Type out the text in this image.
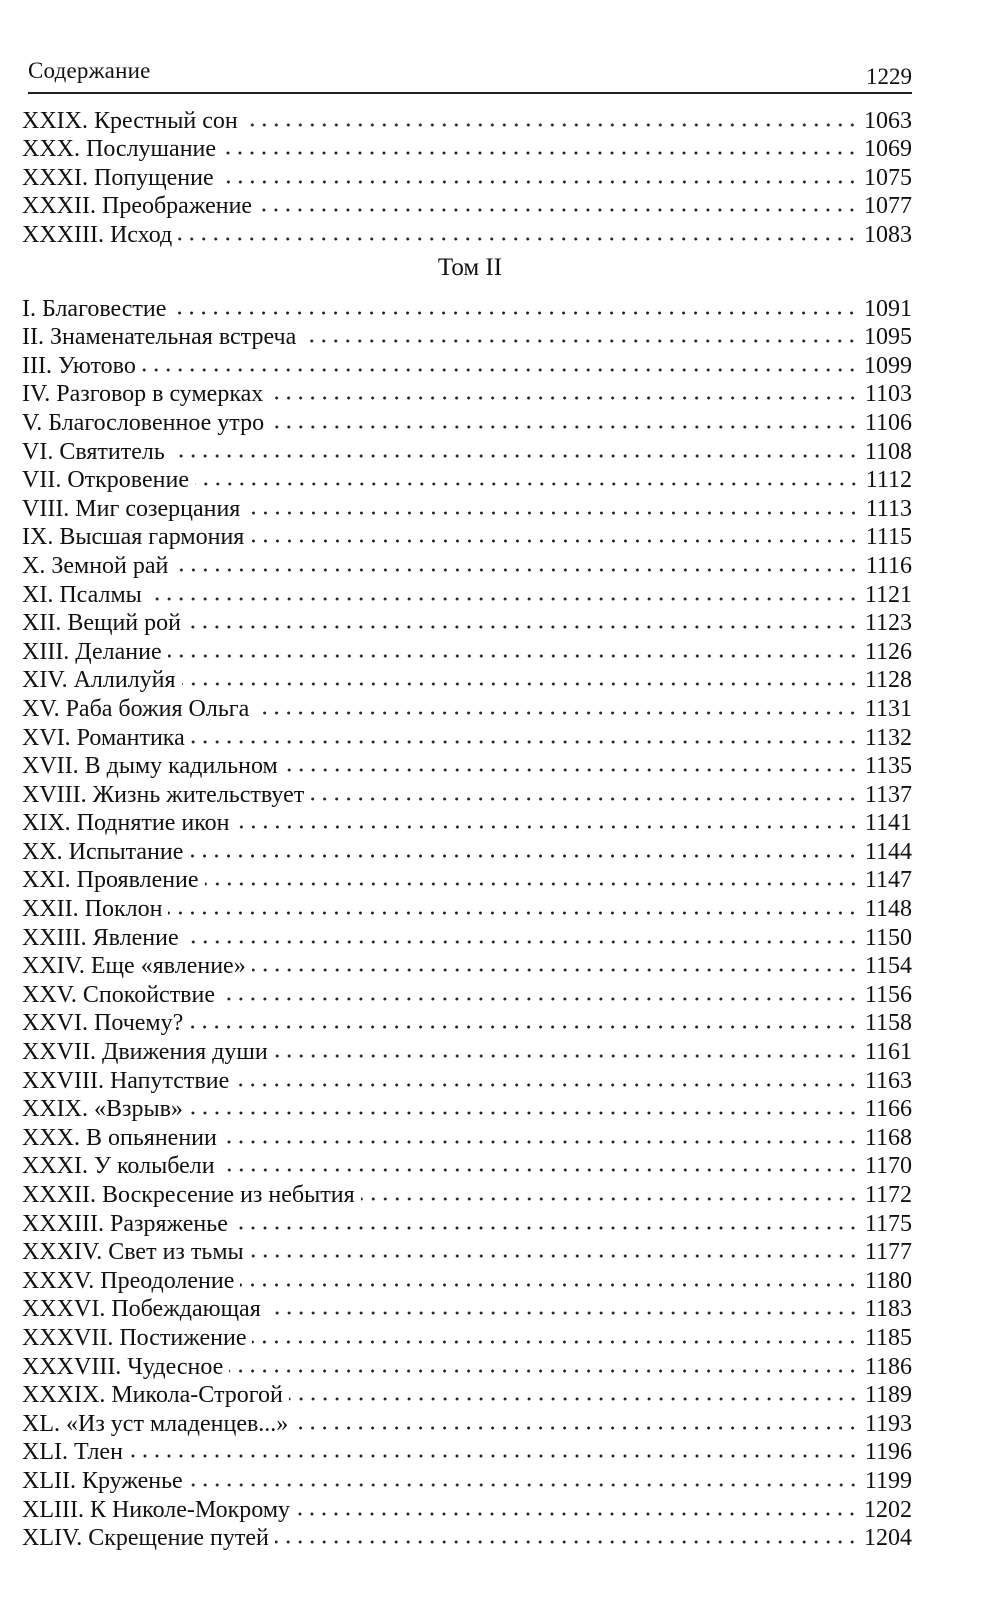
Содержание	1229
XXIX. Крестный сон	1063
XXX. Послушание	1069
XXXI. Попущение	1075
XXXII. Преображение	1077
XXXIII. Исход	1083
Том II
I. Благовестие	1091
II. Знаменательная встреча	1095
III. Уютово	1099
IV. Разговор в сумерках	1103
V. Благословенное утро	1106
VI. Святитель	1108
VII. Откровение	1112
VIII. Миг созерцания	1113
IX. Высшая гармония	1115
X. Земной рай	1116
XI. Псалмы	1121
XII. Вещий рой	1123
XIII. Делание	1126
XIV. Аллилуйя	1128
XV. Раба божия Ольга	1131
XVI. Романтика	1132
XVII. В дыму кадильном	1135
XVIII. Жизнь жительствует	1137
XIX. Поднятие икон	1141
XX. Испытание	1144
XXI. Проявление	1147
XXII. Поклон	1148
XXIII. Явление	1150
XXIV. Еще «явление»	1154
XXV. Спокойствие	1156
XXVI. Почему?	1158
XXVII. Движения души	1161
XXVIII. Напутствие	1163
XXIX. «Взрыв»	1166
XXX. В опьянении	1168
XXXI. У колыбели	1170
XXXII. Воскресение из небытия	1172
XXXIII. Разряженье	1175
XXXIV. Свет из тьмы	1177
XXXV. Преодоление	1180
XXXVI. Побеждающая	1183
XXXVII. Постижение	1185
XXXVIII. Чудесное	1186
XXXIX. Микола-Строгой	1189
XL. «Из уст младенцев...»	1193
XLI. Тлен	1196
XLII. Круженье	1199
XLIII. К Николе-Мокрому	1202
XLIV. Скрещение путей	1204
